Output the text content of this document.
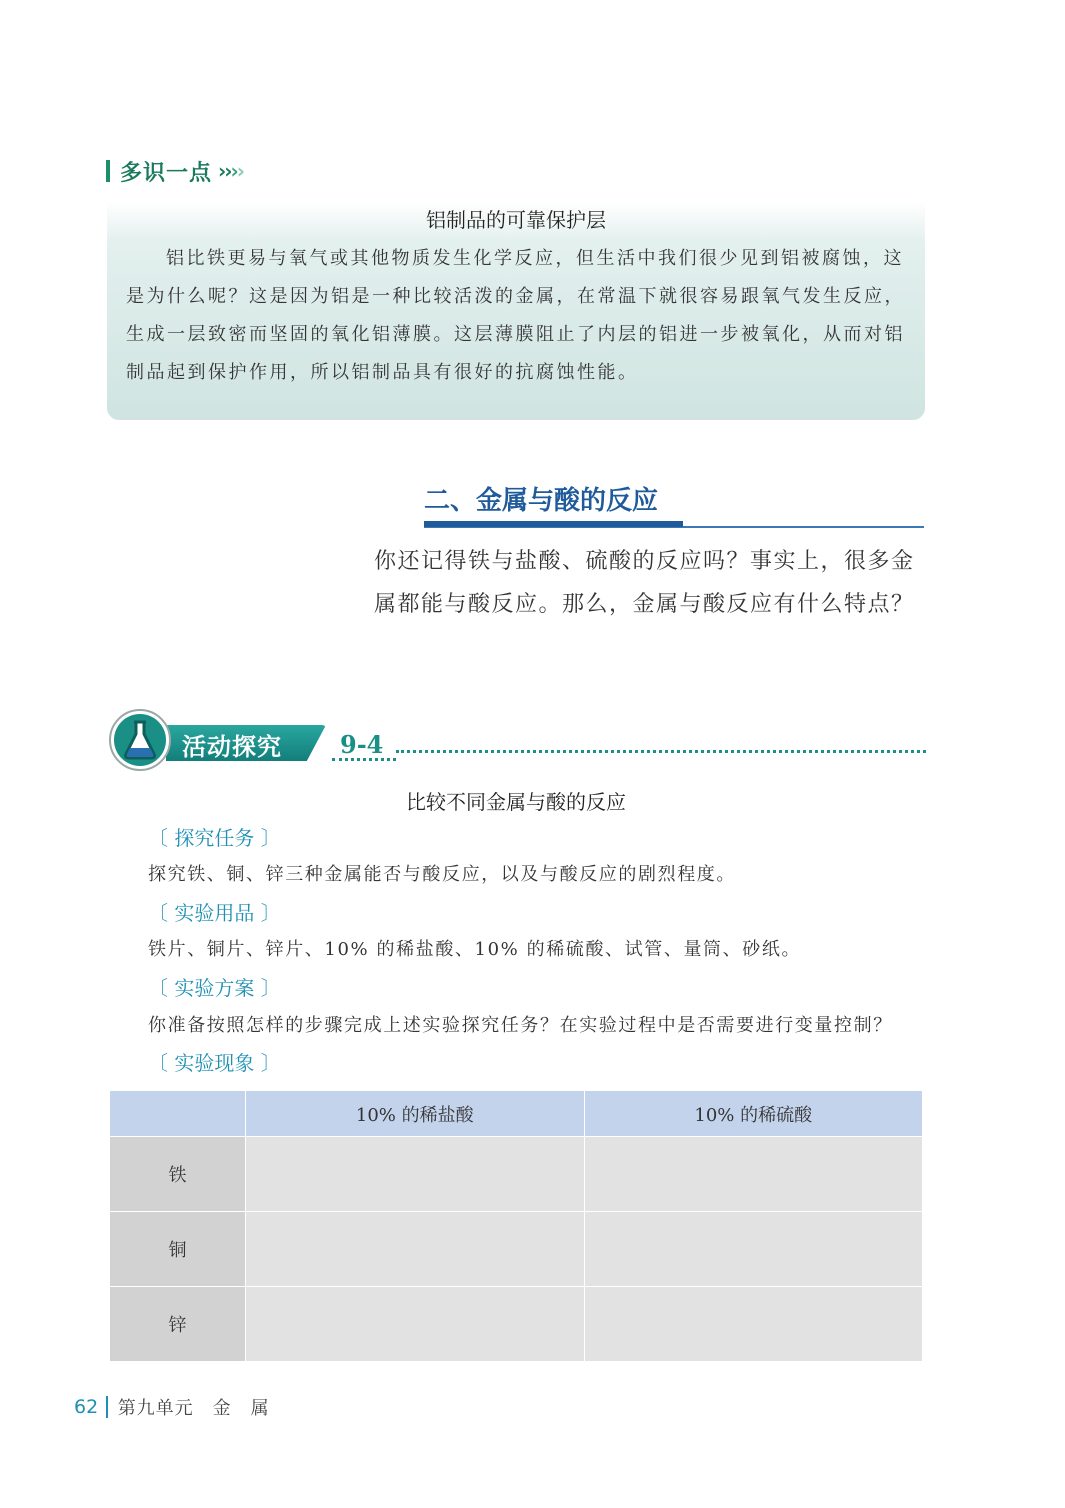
多识一点 ››››
铝制品的可靠保护层

铝比铁更易与氧气或其他物质发生化学反应，但生活中我们很少见到铝被腐蚀，这是为什么呢？这是因为铝是一种比较活泼的金属，在常温下就很容易跟氧气发生反应，生成一层致密而坚固的氧化铝薄膜。这层薄膜阻止了内层的铝进一步被氧化，从而对铝制品起到保护作用，所以铝制品具有很好的抗腐蚀性能。

二、金属与酸的反应

你还记得铁与盐酸、硫酸的反应吗？事实上，很多金属都能与酸反应。那么，金属与酸反应有什么特点？

活动探究 9-4
比较不同金属与酸的反应
〔 探究任务 〕
探究铁、铜、锌三种金属能否与酸反应，以及与酸反应的剧烈程度。
〔 实验用品 〕
铁片、铜片、锌片、10% 的稀盐酸、10% 的稀硫酸、试管、量筒、砂纸。
〔 实验方案 〕
你准备按照怎样的步骤完成上述实验探究任务？在实验过程中是否需要进行变量控制？
〔 实验现象 〕
	10% 的稀盐酸	10% 的稀硫酸
铁		
铜		
锌		
62 第九单元　金　属
